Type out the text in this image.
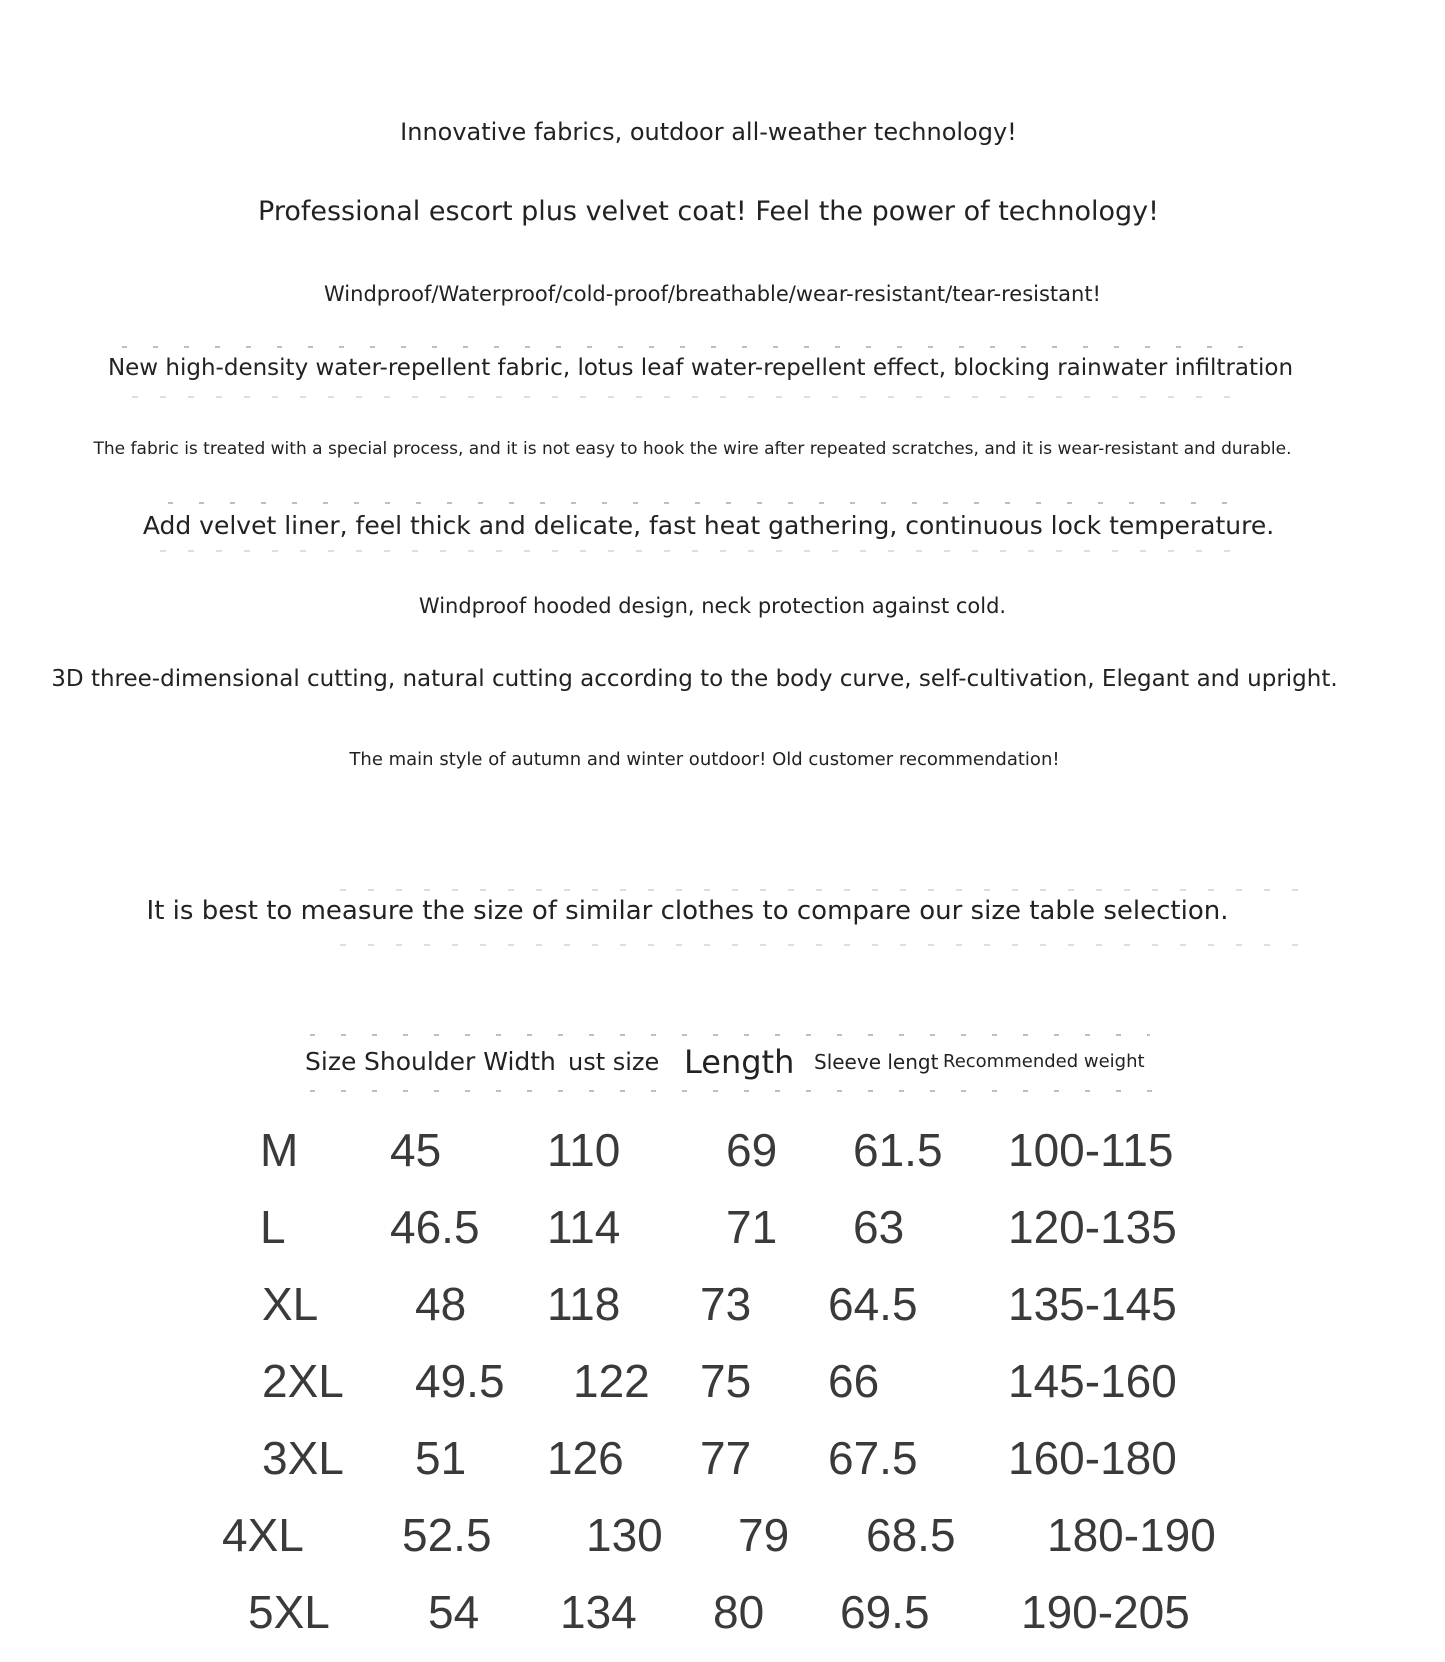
Innovative fabrics, outdoor all-weather technology!
Professional escort plus velvet coat! Feel the power of technology!
Windproof/Waterproof/cold-proof/breathable/wear-resistant/tear-resistant!
New high-density water-repellent fabric, lotus leaf water-repellent effect, blocking rainwater infiltration
The fabric is treated with a special process, and it is not easy to hook the wire after repeated scratches, and it is wear-resistant and durable.
Add velvet liner, feel thick and delicate, fast heat gathering, continuous lock temperature.
Windproof hooded design, neck protection against cold.
3D three-dimensional cutting, natural cutting according to the body curve, self-cultivation, Elegant and upright.
The main style of autumn and winter outdoor! Old customer recommendation!
It is best to measure the size of similar clothes to compare our size table selection.
Size Shoulder Width ust size Length Sleeve lengt Recommended weight
M 45 110 69 61.5 100-115
L 46.5 114 71 63 120-135
XL 48 118 73 64.5 135-145
2XL 49.5 122 75 66	145-160
3XL 51 126 77 67.5 160-180
4XL 52.5 130 79 68.5 180-190
5XL 54 134 80 69.5 190-205
